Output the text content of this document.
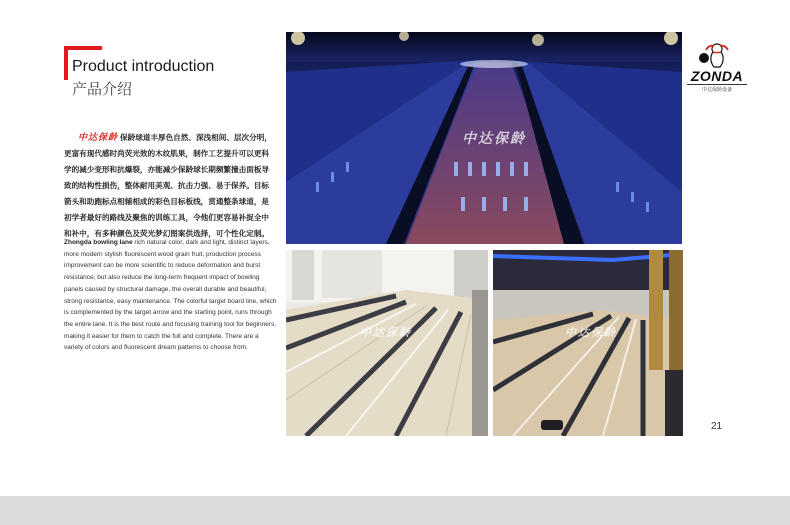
Product introduction
产品介绍
中达保龄 保龄球道丰厚色自然、深浅相间、层次分明，更富有现代感时尚荧光效的木纹肌果，制作工艺提升可以更科学的减少变形和抗爆裂，亦能减少保龄球长期频繁撞击面板导致的结构性损伤，整体耐用美观、抗击力强、易于保养。目标箭头和助跑标点相辅相成的彩色目标板线，贯通整条球道，是初学者最好的路线及聚焦的训练工具，令他们更容易补捉全中和补中，有多种颜色及荧光梦幻图案供选择，可个性化定制。
Zhongda bowling lane rich natural color, dark and light, distinct layers, more modern stylish fluorescent wood grain fruit, production process improvement can be more scientific to reduce deformation and burst resistance, but also reduce the long-term frequent impact of bowling panels caused by structural damage, the overall durable and beautiful, strong resistance, easy maintenance. The colorful target board line, which is complemented by the target arrow and the starting point, runs through the entire lane. It is the best route and focusing training tool for beginners, making it easier for them to catch the full and complete. There are a variety of colors and fluorescent dream patterns to choose from.
中达保龄
中达保龄	中达保龄
ZONDA
中达保龄设备
21
